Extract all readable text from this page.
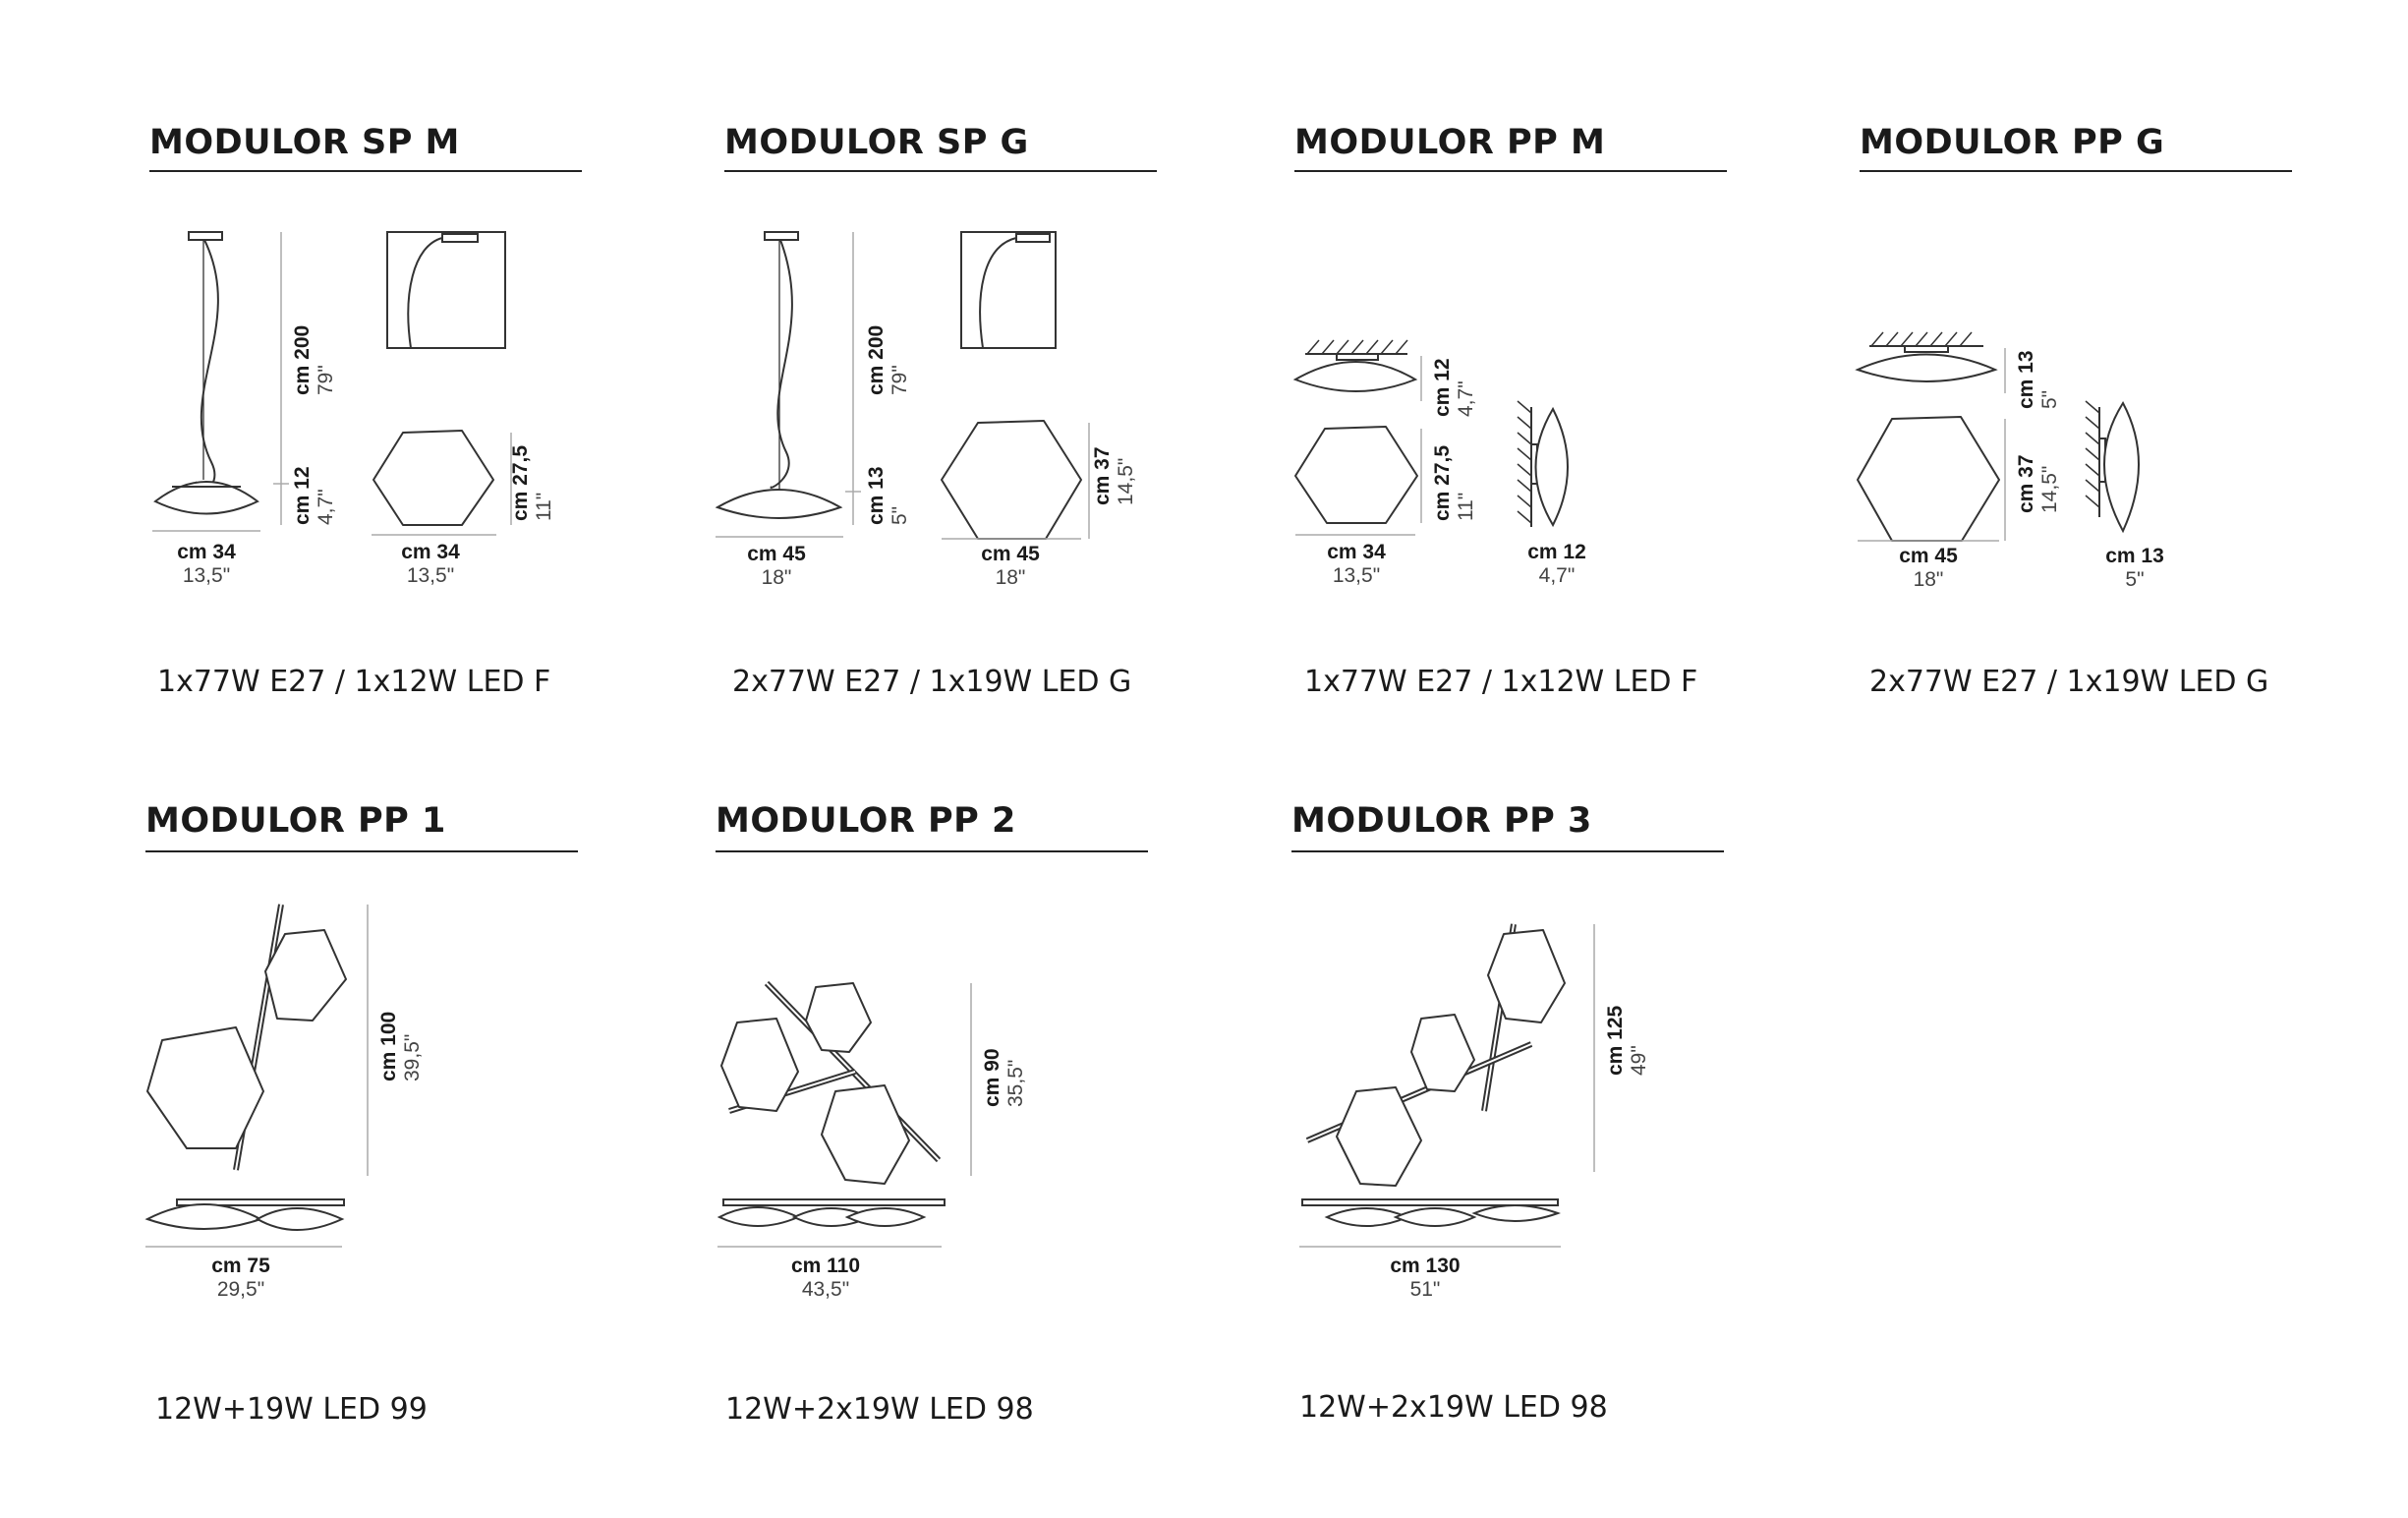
MODULOR SP M
1x77W E27 / 1x12W LED F
MODULOR SP G
2x77W E27 / 1x19W LED G
MODULOR PP M
1x77W E27 / 1x12W LED F
MODULOR PP G
2x77W E27 / 1x19W LED G
MODULOR PP 1
12W+19W LED 99
MODULOR PP 2
12W+2x19W LED 98
MODULOR PP 3
12W+2x19W LED 98
cm 200 79"
cm 12 4,7"	cm 27,5 11"
cm 34
13,5"
cm 34
13,5"
cm 200 79"
cm 13 5"
cm 37 14,5"
cm 45
18"
cm 45
18"
cm 12 4,7"
cm 27,5 11"
cm 34
13,5"
cm 12
4,7"
cm 13 5"
cm 37 14,5"
cm 45
18"
cm 13
5"
cm 100 39,5"
cm 75
29,5"
cm 90 35,5"
cm 110
43,5"
cm 125 49"
cm 130
51"
